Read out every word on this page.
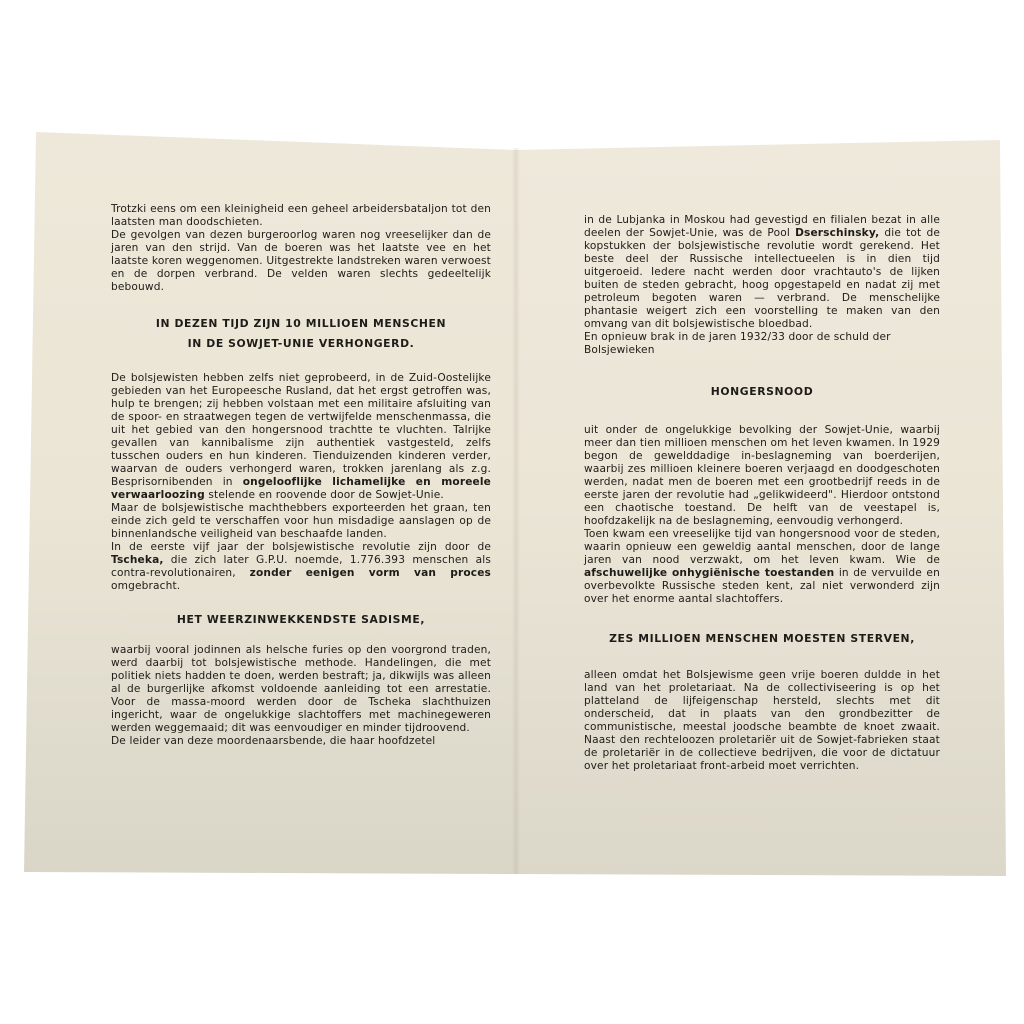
Trotzki eens om een kleinigheid een geheel arbeidersbataljon tot den laatsten man doodschieten.

De gevolgen van dezen burgeroorlog waren nog vreeselijker dan de jaren van den strijd. Van de boeren was het laatste vee en het laatste koren weggenomen. Uitgestrekte landstreken waren verwoest en de dorpen verbrand. De velden waren slechts gedeeltelijk bebouwd.

IN DEZEN TIJD ZIJN 10 MILLIOEN MENSCHEN
IN DE SOWJET-UNIE VERHONGERD.

De bolsjewisten hebben zelfs niet geprobeerd, in de Zuid-Oostelijke gebieden van het Europeesche Rusland, dat het ergst getroffen was, hulp te brengen; zij hebben volstaan met een militaire afsluiting van de spoor- en straatwegen tegen de vertwijfelde menschenmassa, die uit het gebied van den hongersnood trachtte te vluchten. Talrijke gevallen van kannibalisme zijn authentiek vastgesteld, zelfs tusschen ouders en hun kinderen. Tienduizenden kinderen verder, waarvan de ouders verhongerd waren, trokken jarenlang als z.g. Besprisornibenden in ongelooflijke lichamelijke en moreele verwaarloozing stelende en roovende door de Sowjet-Unie.

Maar de bolsjewistische machthebbers exporteerden het graan, ten einde zich geld te verschaffen voor hun misdadige aanslagen op de binnenlandsche veiligheid van beschaafde landen.

In de eerste vijf jaar der bolsjewistische revolutie zijn door de Tscheka, die zich later G.P.U. noemde, 1.776.393 menschen als contra-revolutionairen, zonder eenigen vorm van proces omgebracht.

HET WEERZINWEKKENDSTE SADISME,

waarbij vooral jodinnen als helsche furies op den voorgrond traden, werd daarbij tot bolsjewistische methode. Handelingen, die met politiek niets hadden te doen, werden bestraft; ja, dikwijls was alleen al de burgerlijke afkomst voldoende aanleiding tot een arrestatie. Voor de massa-moord werden door de Tscheka slachthuizen ingericht, waar de ongelukkige slachtoffers met machinegeweren werden weggemaaid; dit was eenvoudiger en minder tijdroovend.

De leider van deze moordenaarsbende, die haar hoofdzetel

in de Lubjanka in Moskou had gevestigd en filialen bezat in alle deelen der Sowjet-Unie, was de Pool Dserschinsky, die tot de kopstukken der bolsjewistische revolutie wordt gerekend. Het beste deel der Russische intellectueelen is in dien tijd uitgeroeid. Iedere nacht werden door vrachtauto's de lijken buiten de steden gebracht, hoog opgestapeld en nadat zij met petroleum begoten waren — verbrand. De menschelijke phantasie weigert zich een voorstelling te maken van den omvang van dit bolsjewistische bloedbad.

En opnieuw brak in de jaren 1932/33 door de schuld der Bolsjewieken

HONGERSNOOD

uit onder de ongelukkige bevolking der Sowjet-Unie, waarbij meer dan tien millioen menschen om het leven kwamen. In 1929 begon de gewelddadige in-beslagneming van boerderijen, waarbij zes millioen kleinere boeren verjaagd en doodgeschoten werden, nadat men de boeren met een grootbedrijf reeds in de eerste jaren der revolutie had „gelikwideerd". Hierdoor ontstond een chaotische toestand. De helft van de veestapel is, hoofdzakelijk na de beslagneming, eenvoudig verhongerd.

Toen kwam een vreeselijke tijd van hongersnood voor de steden, waarin opnieuw een geweldig aantal menschen, door de lange jaren van nood verzwakt, om het leven kwam. Wie de afschuwelijke onhygiënische toestanden in de vervuilde en overbevolkte Russische steden kent, zal niet verwonderd zijn over het enorme aantal slachtoffers.

ZES MILLIOEN MENSCHEN MOESTEN STERVEN,

alleen omdat het Bolsjewisme geen vrije boeren duldde in het land van het proletariaat. Na de collectiviseering is op het platteland de lijfeigenschap hersteld, slechts met dit onderscheid, dat in plaats van den grondbezitter de communistische, meestal joodsche beambte de knoet zwaait. Naast den rechteloozen proletariër uit de Sowjet-fabrieken staat de proletariër in de collectieve bedrijven, die voor de dictatuur over het proletariaat front-arbeid moet verrichten.
